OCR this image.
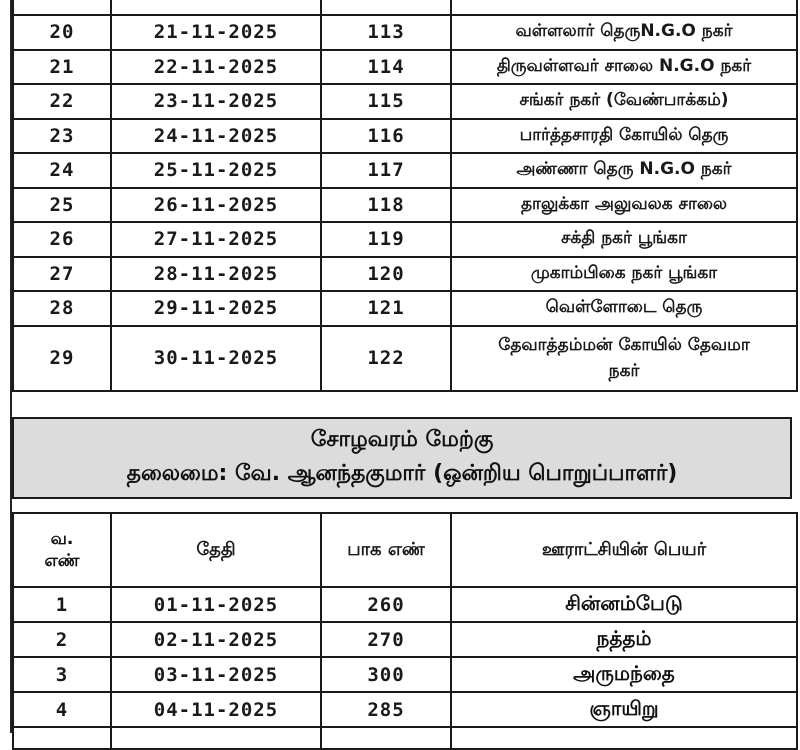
20	21-11-2025	113	வள்ளலார் தெருN.G.O நகர்
21	22-11-2025	114	திருவள்ளவர் சாலை N.G.O நகர்
22	23-11-2025	115	சங்கர் நகர் (வேண்பாக்கம்)
23	24-11-2025	116	பார்த்தசாரதி கோயில் தெரு
24	25-11-2025	117	அண்ணா தெரு N.G.O நகர்
25	26-11-2025	118	தாலுக்கா அலுவலக சாலை
26	27-11-2025	119	சக்தி நகர் பூங்கா
27	28-11-2025	120	முகாம்பிகை நகர் பூங்கா
28	29-11-2025	121	வெள்ளோடை தெரு
29	30-11-2025	122	தேவாத்தம்மன் கோயில் தேவமா
நகர்
சோழவரம் மேற்கு
தலைமை: வே. ஆனந்தகுமார் (ஒன்றிய பொறுப்பாளர்)
வ.
எண்	தேதி	பாக எண்	ஊராட்சியின் பெயர்
1	01-11-2025	260	சின்னம்பேடு
2	02-11-2025	270	நத்தம்
3	03-11-2025	300	அருமந்தை
4	04-11-2025	285	ஞாயிறு
